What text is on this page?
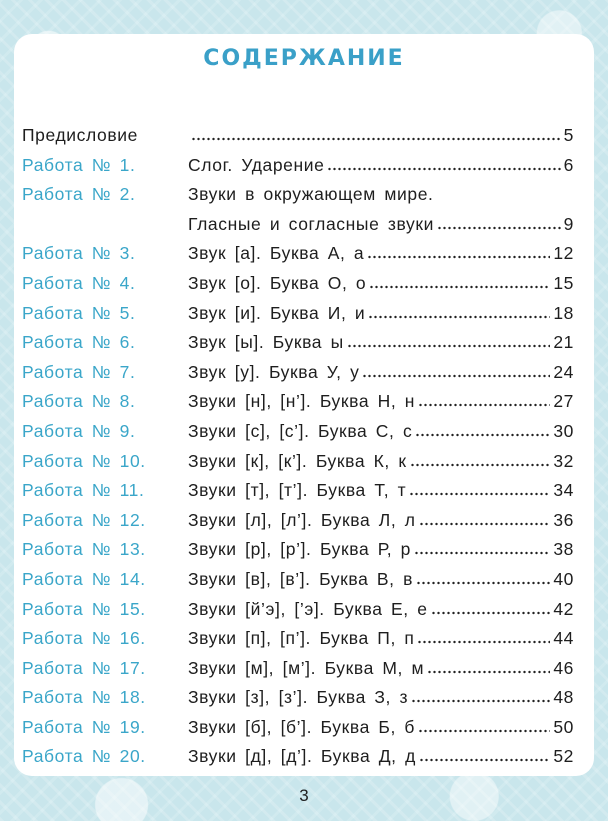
СОДЕРЖАНИЕ
Предисловие	5
Работа № 1.	Слог. Ударение	6
Работа № 2.	Звуки в окружающем мире.
Гласные и согласные звуки	9
Работа № 3.	Звук [а]. Буква А, а	12
Работа № 4.	Звук [о]. Буква О, о	15
Работа № 5.	Звук [и]. Буква И, и	18
Работа № 6.	Звук [ы]. Буква ы	21
Работа № 7.	Звук [у]. Буква У, у	24
Работа № 8.	Звуки [н], [н’]. Буква Н, н	27
Работа № 9.	Звуки [с], [с’]. Буква С, с	30
Работа № 10.	Звуки [к], [к’]. Буква К, к	32
Работа № 11.	Звуки [т], [т’]. Буква Т, т	34
Работа № 12.	Звуки [л], [л’]. Буква Л, л	36
Работа № 13.	Звуки [р], [р’]. Буква Р, р	38
Работа № 14.	Звуки [в], [в’]. Буква В, в	40
Работа № 15.	Звуки [й’э], [’э]. Буква Е, е	42
Работа № 16.	Звуки [п], [п’]. Буква П, п	44
Работа № 17.	Звуки [м], [м’]. Буква М, м	46
Работа № 18.	Звуки [з], [з’]. Буква З, з	48
Работа № 19.	Звуки [б], [б’]. Буква Б, б	50
Работа № 20.	Звуки [д], [д’]. Буква Д, д	52
3
